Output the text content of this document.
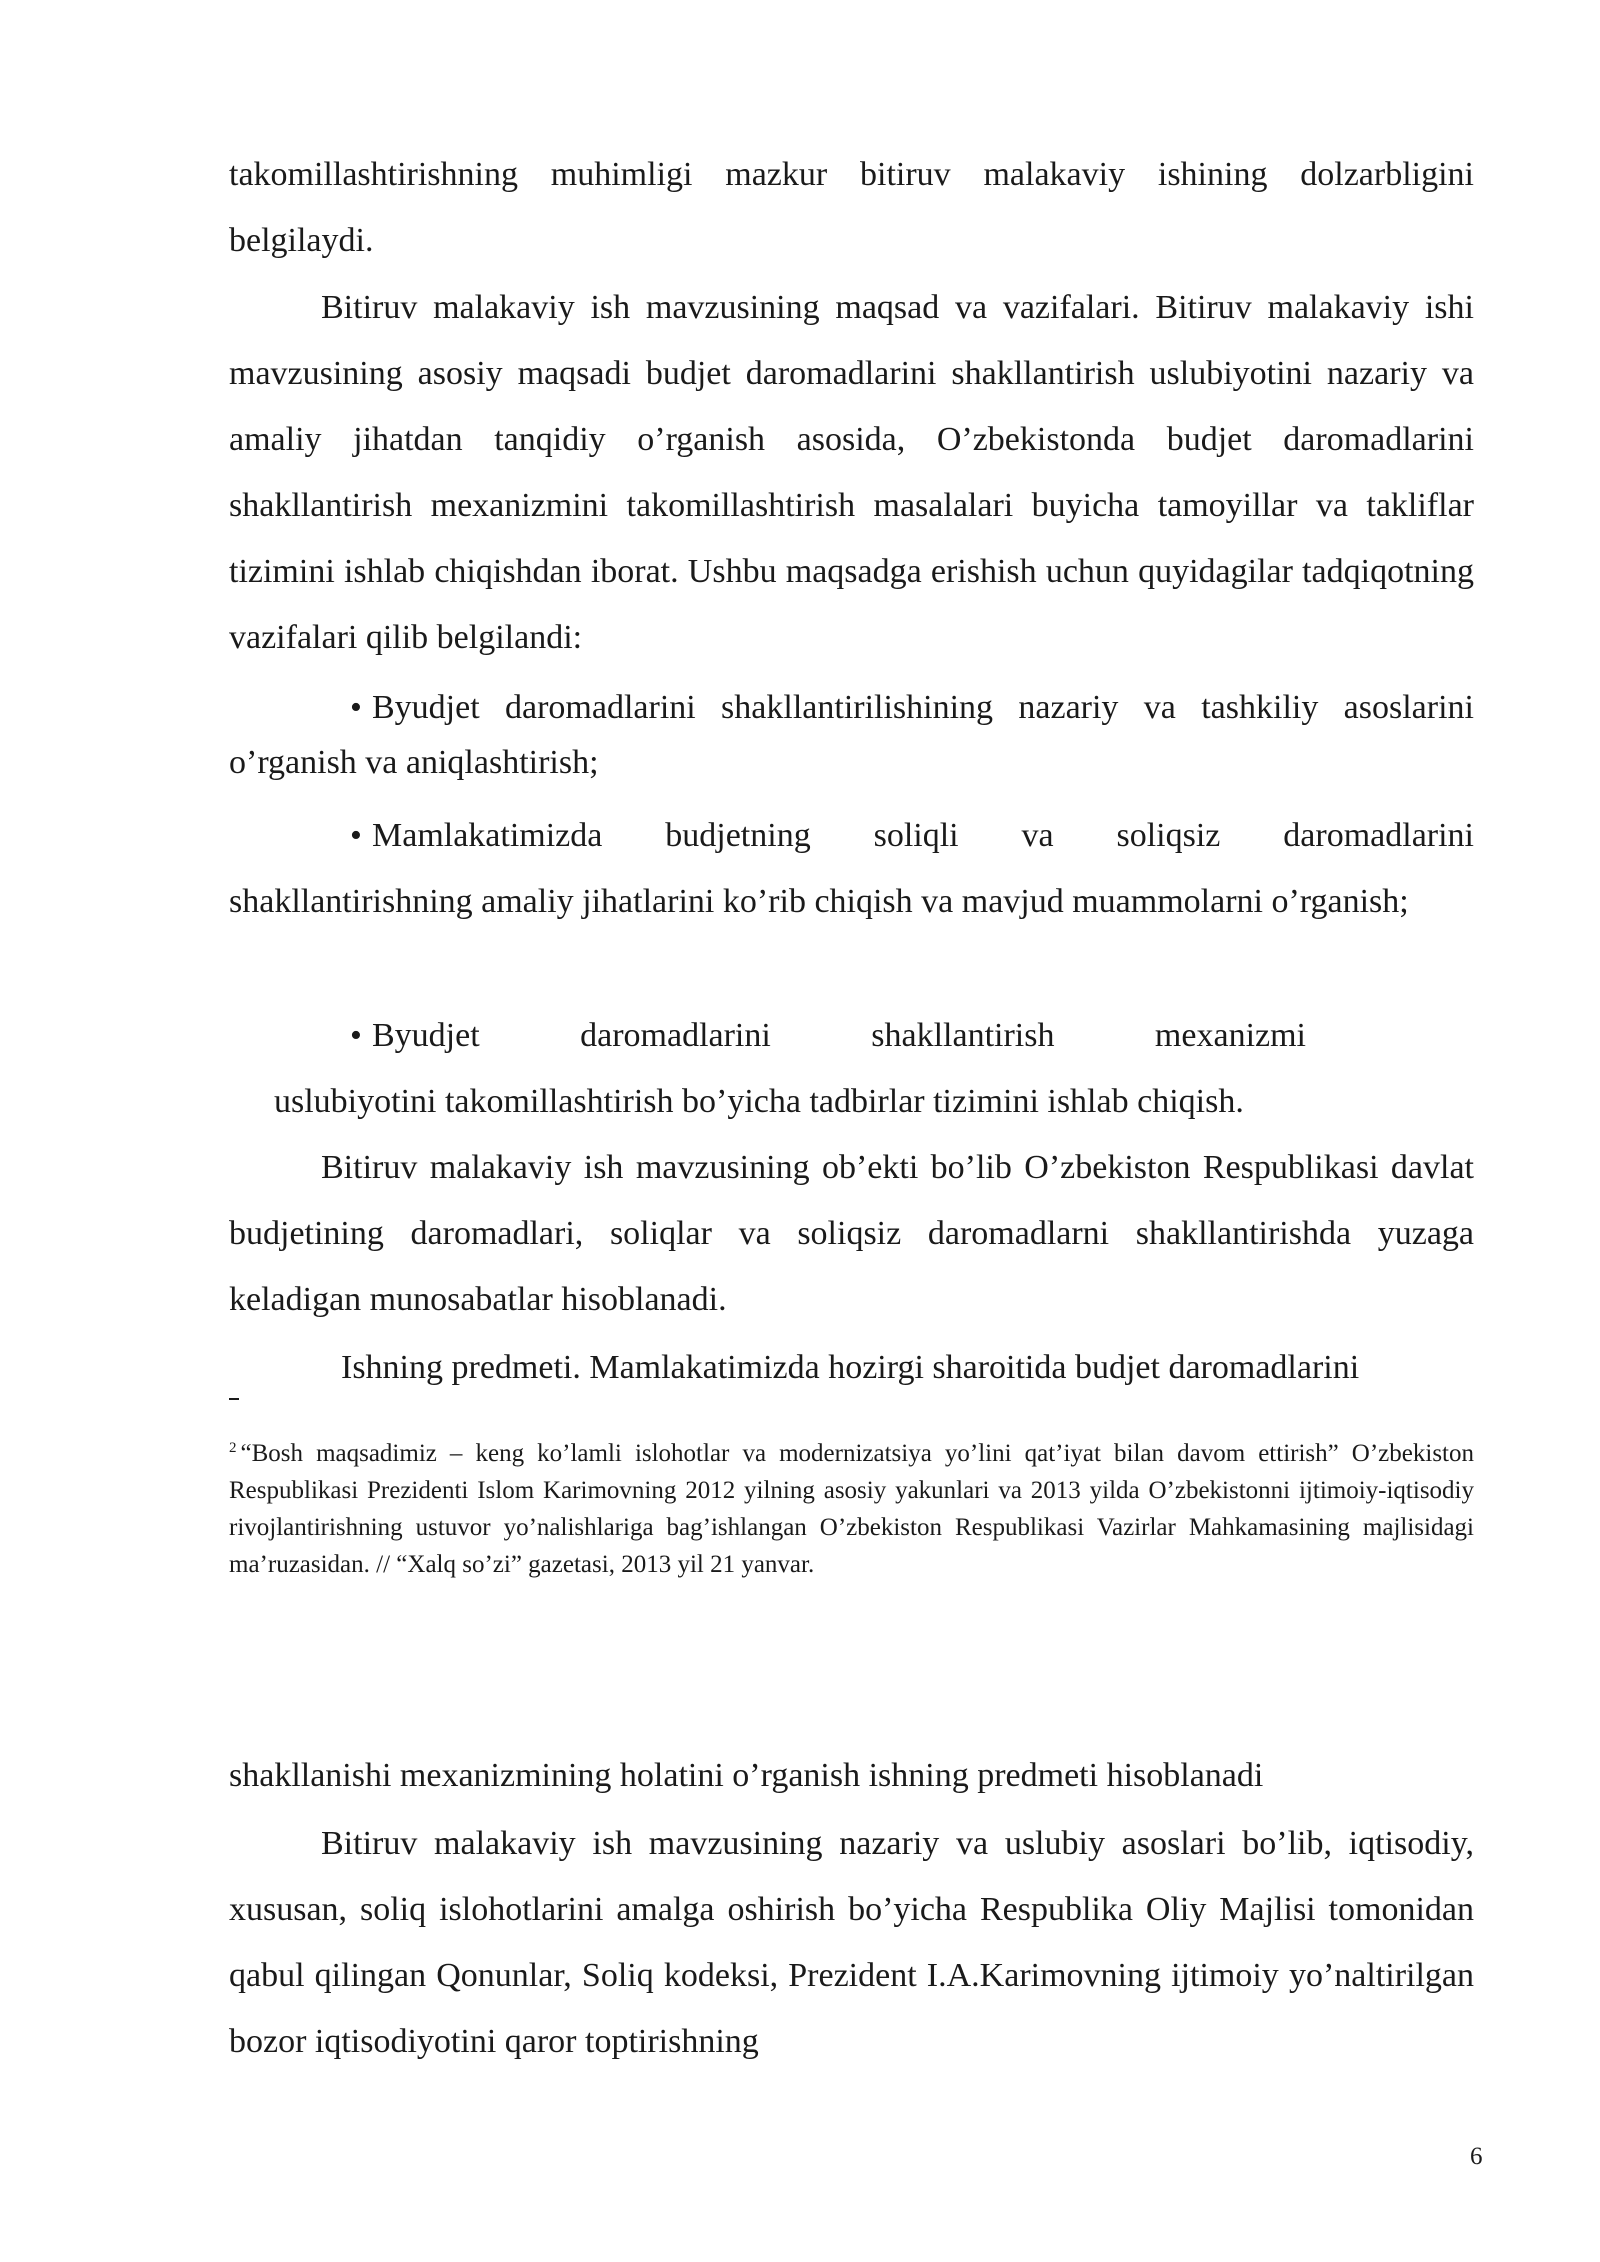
takomillashtirishning muhimligi mazkur bitiruv malakaviy ishining dolzarbligini belgilaydi.

Bitiruv malakaviy ish mavzusining maqsad va vazifalari. Bitiruv malakaviy ishi mavzusining asosiy maqsadi budjet daromadlarini shakllantirish uslubiyotini nazariy va amaliy jihatdan tanqidiy o’rganish asosida, O’zbekistonda budjet daromadlarini shakllantirish mexanizmini takomillashtirish masalalari buyicha tamoyillar va takliflar tizimini ishlab chiqishdan iborat. Ushbu maqsadga erishish uchun quyidagilar tadqiqotning vazifalari qilib belgilandi:

• Byudjet daromadlarini shakllantirilishining nazariy va tashkiliy asoslarini

o’rganish va aniqlashtirish;

• Mamlakatimizda budjetning soliqli va soliqsiz daromadlarini

shakllantirishning amaliy jihatlarini ko’rib chiqish va mavjud muammolarni o’rganish;

• Byudjet daromadlarini shakllantirish mexanizmi

uslubiyotini takomillashtirish bo’yicha tadbirlar tizimini ishlab chiqish.

Bitiruv malakaviy ish mavzusining ob’ekti bo’lib O’zbekiston Respublikasi davlat budjetining daromadlari, soliqlar va soliqsiz daromadlarni shakllantirishda yuzaga keladigan munosabatlar hisoblanadi.

Ishning predmeti. Mamlakatimizda hozirgi sharoitida budjet daromadlarini

$^2$ “Bosh maqsadimiz – keng ko’lamli islohotlar va modernizatsiya yo’lini qat’iyat bilan davom ettirish” O’zbekiston Respublikasi Prezidenti Islom Karimovning 2012 yilning asosiy yakunlari va 2013 yilda O’zbekistonni ijtimoiy-iqtisodiy rivojlantirishning ustuvor yo’nalishlariga bag’ishlangan O’zbekiston Respublikasi Vazirlar Mahkamasining majlisidagi ma’ruzasidan. // “Xalq so’zi” gazetasi, 2013 yil 21 yanvar.

shakllanishi mexanizmining holatini o’rganish ishning predmeti hisoblanadi

Bitiruv malakaviy ish mavzusining nazariy va uslubiy asoslari bo’lib, iqtisodiy, xususan, soliq islohotlarini amalga oshirish bo’yicha Respublika Oliy Majlisi tomonidan qabul qilingan Qonunlar, Soliq kodeksi, Prezident I.A.Karimovning ijtimoiy yo’naltirilgan bozor iqtisodiyotini qaror toptirishning

6
